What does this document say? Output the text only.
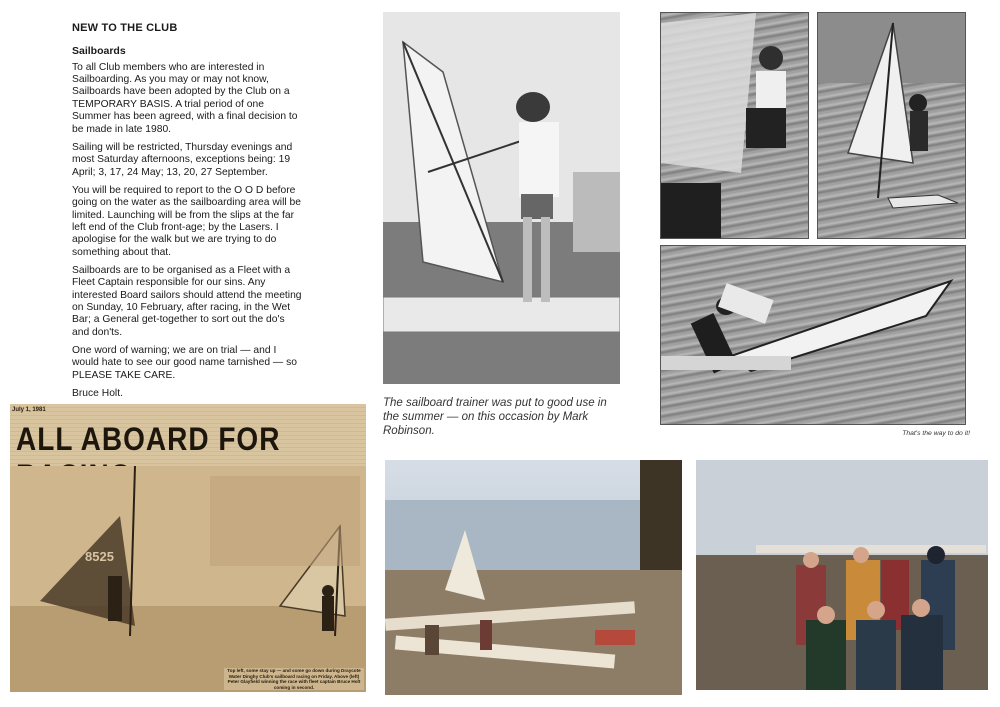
NEW TO THE CLUB
Sailboards

To all Club members who are interested in Sailboarding. As you may or may not know, Sailboards have been adopted by the Club on a TEMPORARY BASIS. A trial period of one Summer has been agreed, with a final decision to be made in late 1980.

Sailing will be restricted, Thursday evenings and most Saturday afternoons, exceptions being: 19 April; 3, 17, 24 May; 13, 20, 27 September.

You will be required to report to the O O D before going on the water as the sailboarding area will be limited. Launching will be from the slips at the far left end of the Club front-age; by the Lasers. I apologise for the walk but we are trying to do something about that.

Sailboards are to be organised as a Fleet with a Fleet Captain responsible for our sins. Any interested Board sailors should attend the meeting on Sunday, 10 February, after racing, in the Wet Bar; a General get-together to sort out the do's and don'ts.

One word of warning; we are on trial — and I would hate to see our good name tarnished — so PLEASE TAKE CARE.

Bruce Holt.

The sailboard trainer was put to good use in the summer — on this occasion by Mark Robinson.	That's the way to do it!
July 1, 1981
ALL ABOARD FOR
8525
Top left, some stay up — and some go down during Draycote Water Dinghy Club's sailboard racing on Friday. Above (left) Peter Glayfield winning the race with fleet captain Bruce Holt coming in second.
